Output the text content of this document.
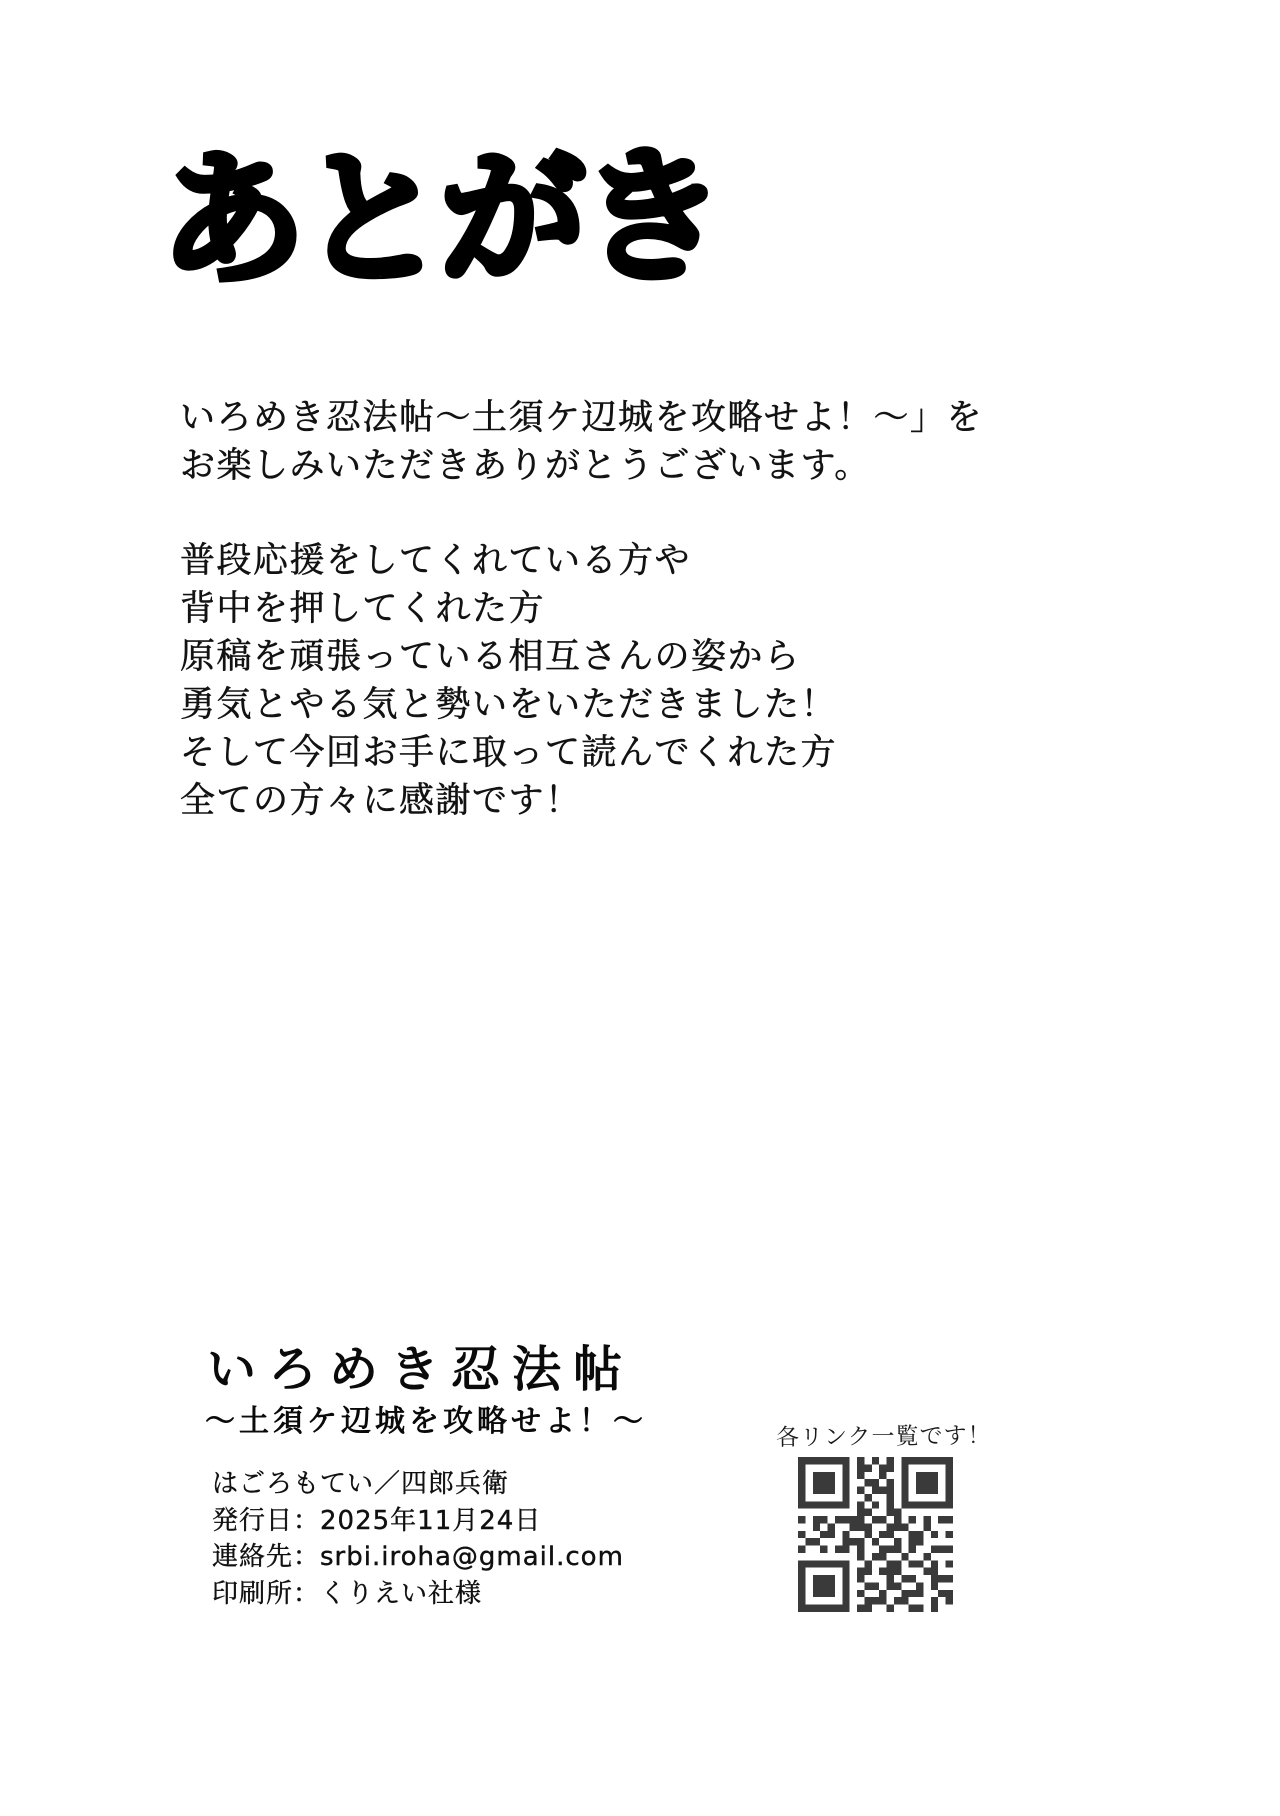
あとがき
いろめき忍法帖～土須ケ辺城を攻略せよ！～」を
お楽しみいただきありがとうございます。
普段応援をしてくれている方や
背中を押してくれた方
原稿を頑張っている相互さんの姿から
勇気とやる気と勢いをいただきました！
そして今回お手に取って読んでくれた方
全ての方々に感謝です！
いろめき忍法帖
～土須ケ辺城を攻略せよ！～
はごろもてい／四郎兵衛
発行日：2025年11月24日
連絡先：srbi.iroha@gmail.com
印刷所：くりえい社様
各リンク一覧です！
